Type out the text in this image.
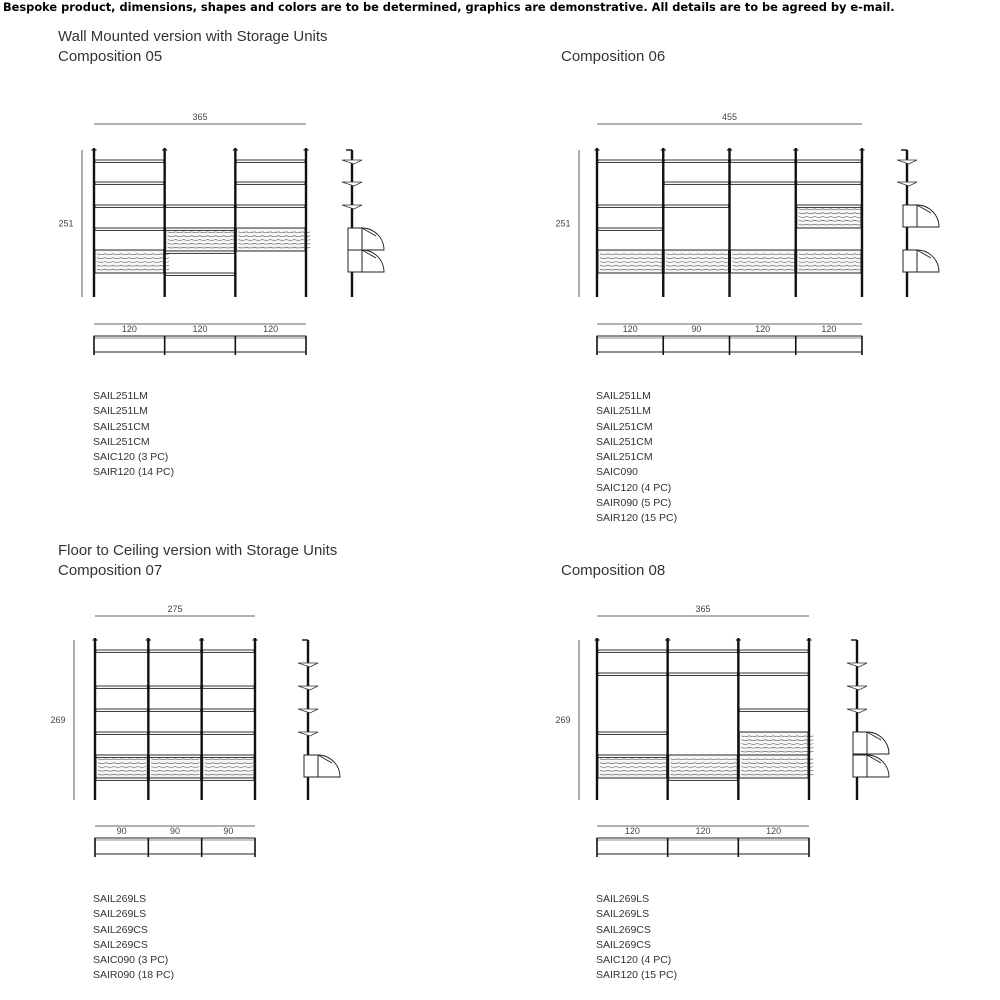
Bespoke product, dimensions, shapes and colors are to be determined, graphics are demonstrative. All details are to be agreed by e-mail.
Wall Mounted version with Storage Units
Composition 05
365
251
120	120	120
SAIL251LM
SAIL251LM
SAIL251CM
SAIL251CM
SAIC120 (3 PC)
SAIR120 (14 PC)
Composition 06
455
251
120	90	120	120
SAIL251LM
SAIL251LM
SAIL251CM
SAIL251CM
SAIL251CM
SAIC090
SAIC120 (4 PC)
SAIR090 (5 PC)
SAIR120 (15 PC)
Floor to Ceiling version with Storage Units
Composition 07
275
269
90	90	90
SAIL269LS
SAIL269LS
SAIL269CS
SAIL269CS
SAIC090 (3 PC)
SAIR090 (18 PC)
Composition 08
365
269
120	120	120
SAIL269LS
SAIL269LS
SAIL269CS
SAIL269CS
SAIC120 (4 PC)
SAIR120 (15 PC)
